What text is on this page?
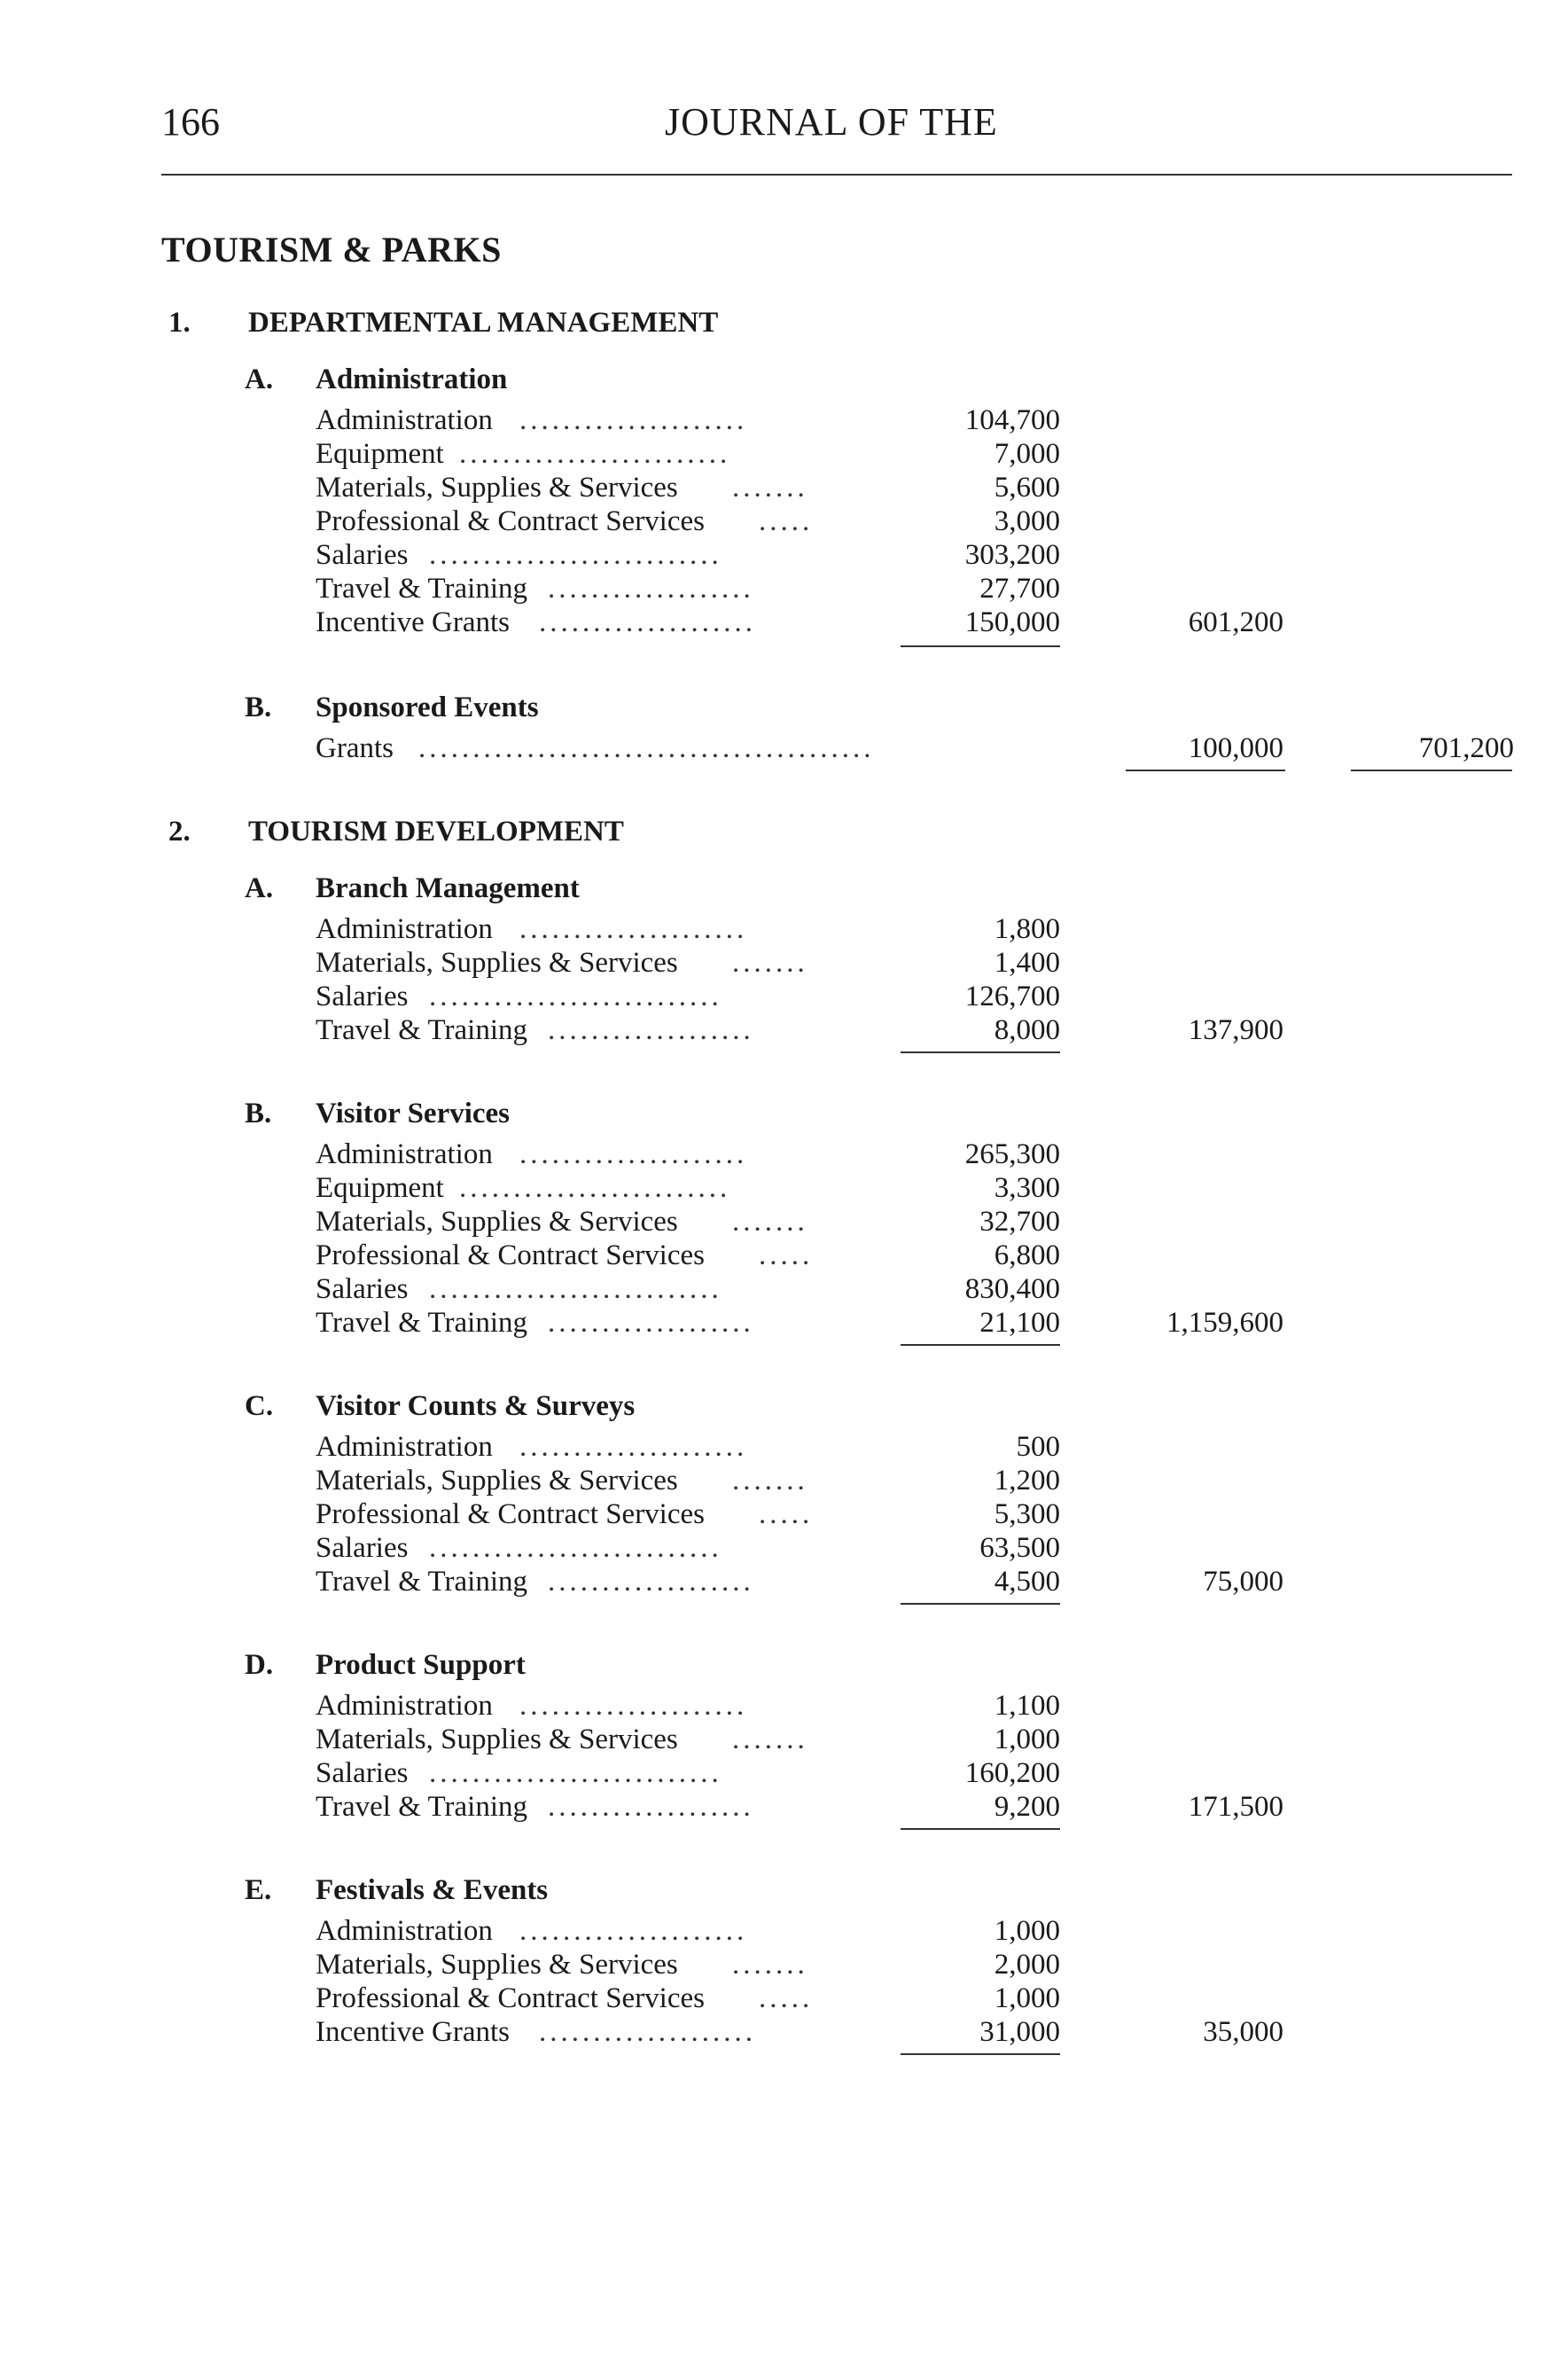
166	JOURNAL OF THE
TOURISM & PARKS
1. DEPARTMENTAL MANAGEMENT
A. Administration
Administration .....................	104,700
Equipment .........................	7,000
Materials, Supplies & Services .......	5,600
Professional & Contract Services .....	3,000
Salaries ...........................	303,200
Travel & Training ...................	27,700
Incentive Grants ....................	150,000	601,200
B. Sponsored Events
Grants ..........................................	100,000	701,200
2. TOURISM DEVELOPMENT
A. Branch Management
Administration .....................	1,800
Materials, Supplies & Services .......	1,400
Salaries ...........................	126,700
Travel & Training ...................	8,000	137,900
B. Visitor Services
Administration .....................	265,300
Equipment .........................	3,300
Materials, Supplies & Services .......	32,700
Professional & Contract Services .....	6,800
Salaries ...........................	830,400
Travel & Training ...................	21,100	1,159,600
C. Visitor Counts & Surveys
Administration .....................	500
Materials, Supplies & Services .......	1,200
Professional & Contract Services .....	5,300
Salaries ...........................	63,500
Travel & Training ...................	4,500	75,000
D. Product Support
Administration .....................	1,100
Materials, Supplies & Services .......	1,000
Salaries ...........................	160,200
Travel & Training ...................	9,200	171,500
E. Festivals & Events
Administration .....................	1,000
Materials, Supplies & Services .......	2,000
Professional & Contract Services .....	1,000
Incentive Grants ....................	31,000	35,000
